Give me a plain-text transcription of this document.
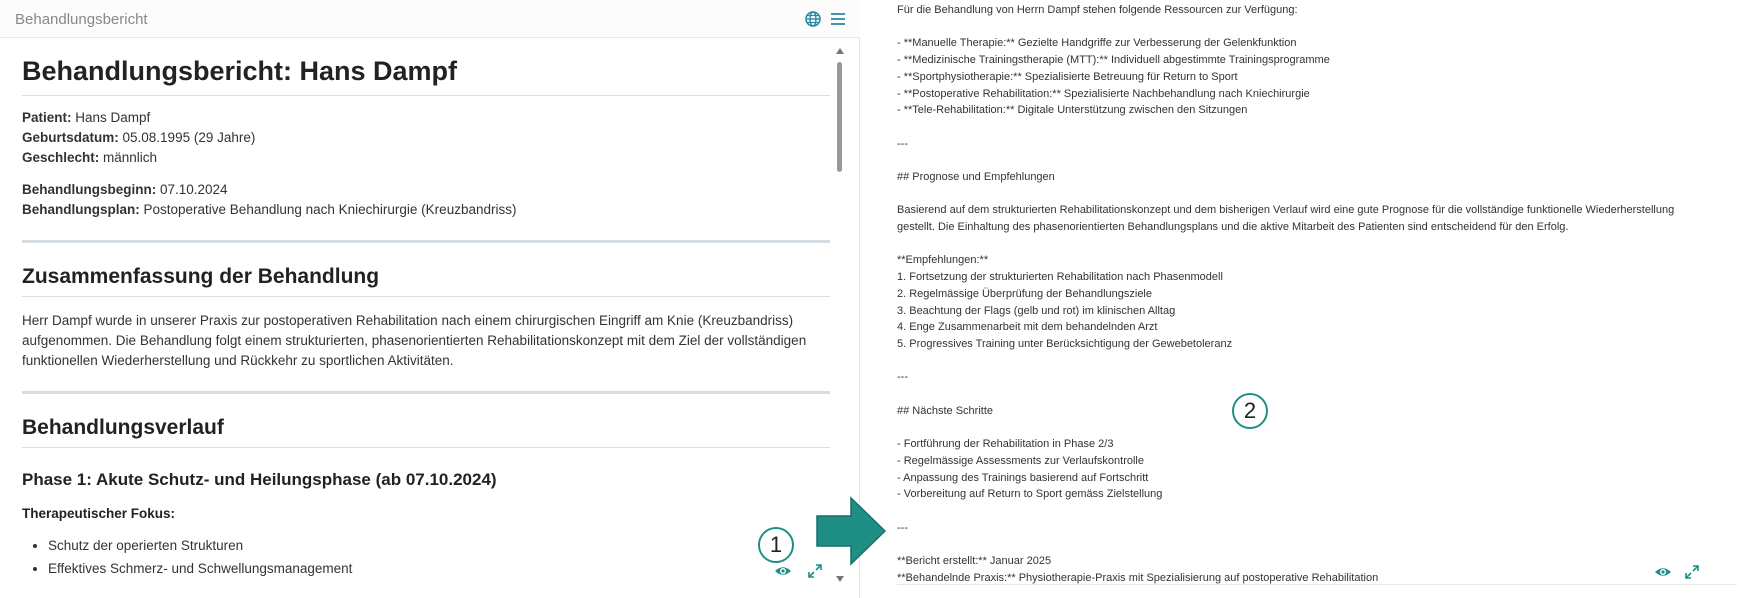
Behandlungsbericht
Behandlungsbericht: Hans Dampf
Patient: Hans Dampf
Geburtsdatum: 05.08.1995 (29 Jahre)
Geschlecht: männlich
Behandlungsbeginn: 07.10.2024
Behandlungsplan: Postoperative Behandlung nach Kniechirurgie (Kreuzbandriss)
Zusammenfassung der Behandlung
Herr Dampf wurde in unserer Praxis zur postoperativen Rehabilitation nach einem chirurgischen Eingriff am Knie (Kreuzbandriss) aufgenommen. Die Behandlung folgt einem strukturierten, phasenorientierten Rehabilitationskonzept mit dem Ziel der vollständigen funktionellen Wiederherstellung und Rückkehr zu sportlichen Aktivitäten.
Behandlungsverlauf
Phase 1: Akute Schutz- und Heilungsphase (ab 07.10.2024)
Therapeutischer Fokus:
• Schutz der operierten Strukturen
• Effektives Schmerz- und Schwellungsmanagement
Für die Behandlung von Herrn Dampf stehen folgende Ressourcen zur Verfügung:
- **Manuelle Therapie:** Gezielte Handgriffe zur Verbesserung der Gelenkfunktion
- **Medizinische Trainingstherapie (MTT):** Individuell abgestimmte Trainingsprogramme
- **Sportphysiotherapie:** Spezialisierte Betreuung für Return to Sport
- **Postoperative Rehabilitation:** Spezialisierte Nachbehandlung nach Kniechirurgie
- **Tele-Rehabilitation:** Digitale Unterstützung zwischen den Sitzungen
---
## Prognose und Empfehlungen
Basierend auf dem strukturierten Rehabilitationskonzept und dem bisherigen Verlauf wird eine gute Prognose für die vollständige funktionelle Wiederherstellung
gestellt. Die Einhaltung des phasenorientierten Behandlungsplans und die aktive Mitarbeit des Patienten sind entscheidend für den Erfolg.
**Empfehlungen:**
1. Fortsetzung der strukturierten Rehabilitation nach Phasenmodell
2. Regelmässige Überprüfung der Behandlungsziele
3. Beachtung der Flags (gelb und rot) im klinischen Alltag
4. Enge Zusammenarbeit mit dem behandelnden Arzt
5. Progressives Training unter Berücksichtigung der Gewebetoleranz
---
## Nächste Schritte
- Fortführung der Rehabilitation in Phase 2/3
- Regelmässige Assessments zur Verlaufskontrolle
- Anpassung des Trainings basierend auf Fortschritt
- Vorbereitung auf Return to Sport gemäss Zielstellung
---
**Bericht erstellt:** Januar 2025
**Behandelnde Praxis:** Physiotherapie-Praxis mit Spezialisierung auf postoperative Rehabilitation
1
2
